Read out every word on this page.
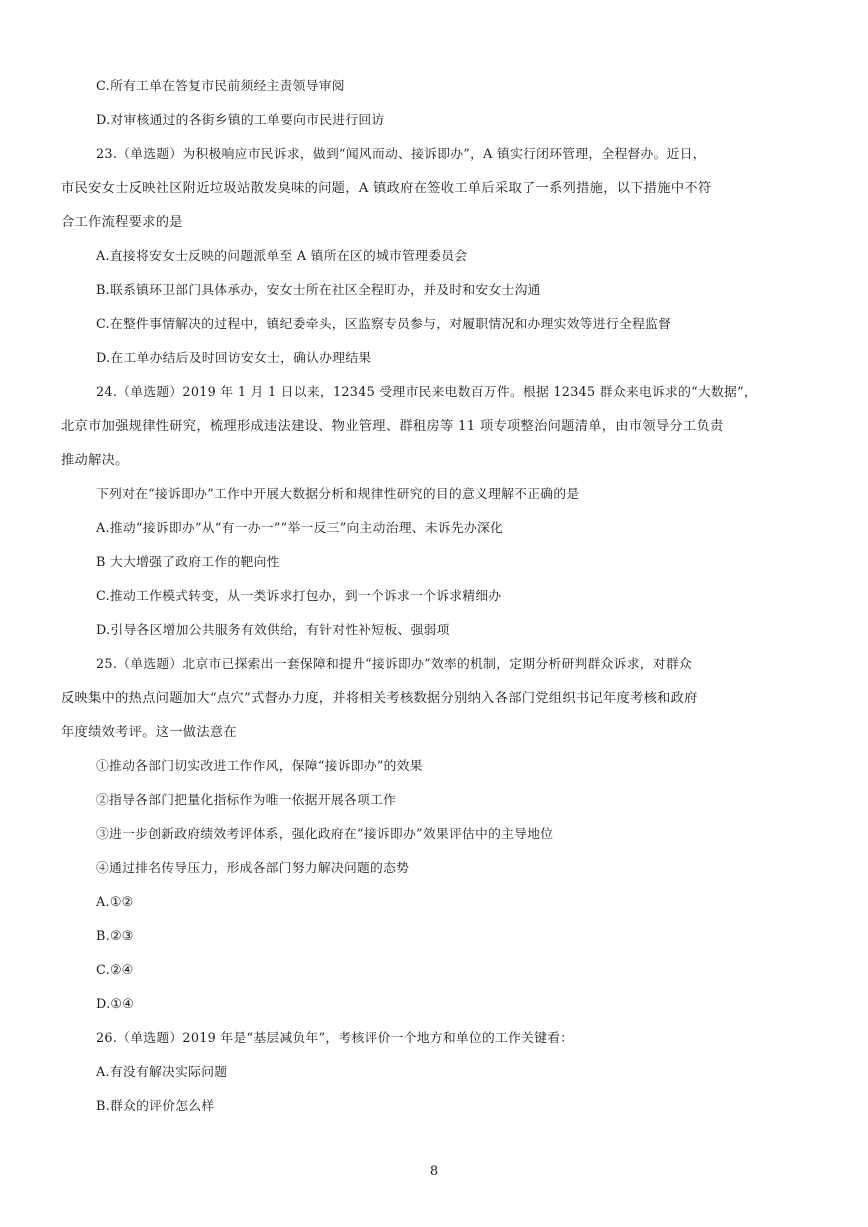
C.所有工单在答复市民前须经主责领导审阅
D.对审核通过的各街乡镇的工单要向市民进行回访
23.（单选题）为积极响应市民诉求，做到“闻风而动、接诉即办”，A 镇实行闭环管理，全程督办。近日，
市民安女士反映社区附近垃圾站散发臭味的问题，A 镇政府在签收工单后采取了一系列措施，以下措施中不符
合工作流程要求的是
A.直接将安女士反映的问题派单至 A 镇所在区的城市管理委员会
B.联系镇环卫部门具体承办，安女士所在社区全程盯办，并及时和安女士沟通
C.在整件事情解决的过程中，镇纪委牵头，区监察专员参与，对履职情况和办理实效等进行全程监督
D.在工单办结后及时回访安女士，确认办理结果
24.（单选题）2019 年 1 月 1 日以来，12345 受理市民来电数百万件。根据 12345 群众来电诉求的“大数据”，
北京市加强规律性研究，梳理形成违法建设、物业管理、群租房等 11 项专项整治问题清单，由市领导分工负责
推动解决。
下列对在“接诉即办”工作中开展大数据分析和规律性研究的目的意义理解不正确的是
A.推动“接诉即办”从“有一办一”“举一反三”向主动治理、未诉先办深化
B 大大增强了政府工作的靶向性
C.推动工作模式转变，从一类诉求打包办，到一个诉求一个诉求精细办
D.引导各区增加公共服务有效供给，有针对性补短板、强弱项
25.（单选题）北京市已探索出一套保障和提升“接诉即办”效率的机制，定期分析研判群众诉求，对群众
反映集中的热点问题加大“点穴”式督办力度，并将相关考核数据分别纳入各部门党组织书记年度考核和政府
年度绩效考评。这一做法意在
①推动各部门切实改进工作作风，保障“接诉即办”的效果
②指导各部门把量化指标作为唯一依据开展各项工作
③进一步创新政府绩效考评体系，强化政府在“接诉即办”效果评估中的主导地位
④通过排名传导压力，形成各部门努力解决问题的态势
A.①②
B.②③
C.②④
D.①④
26.（单选题）2019 年是“基层减负年”，考核评价一个地方和单位的工作关键看：
A.有没有解决实际问题
B.群众的评价怎么样
8
